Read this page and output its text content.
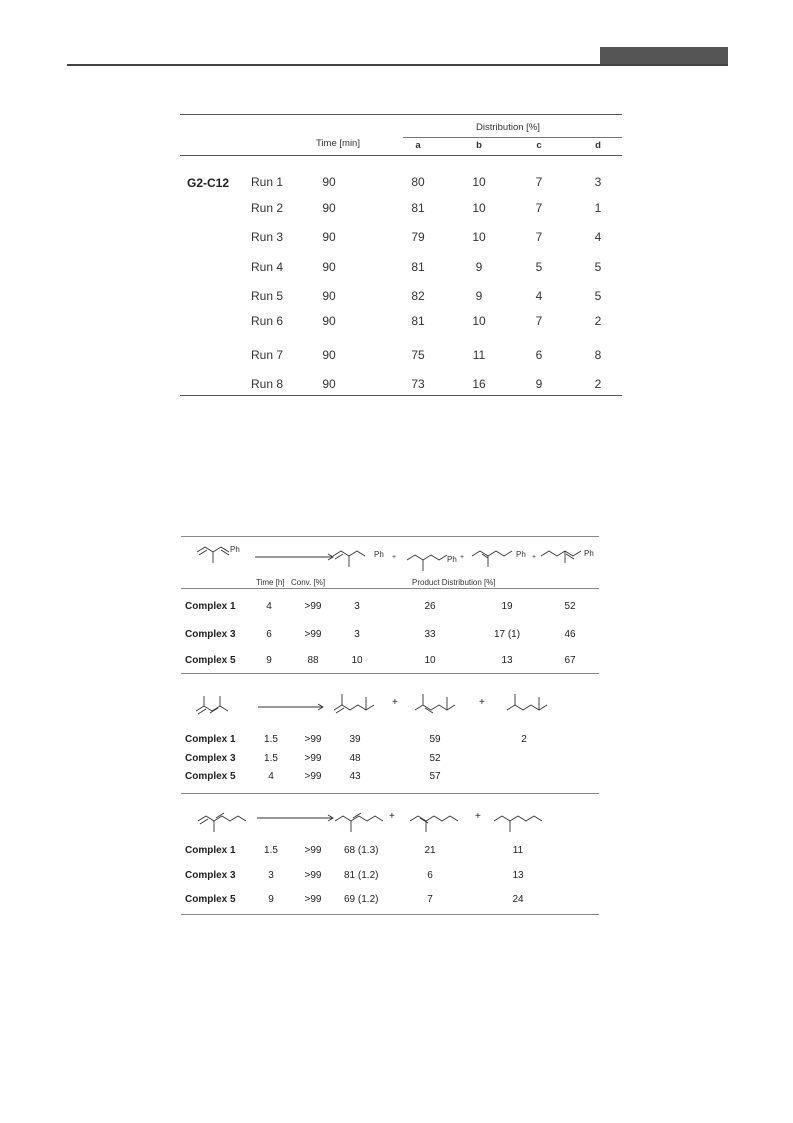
Distribution [%]
Time [min]	a	b	c	d
G2-C12 Run 1	90	80	10	7	3
Run 2	90	81	10	7	1
Run 3	90	79	10	7	4
Run 4	90	81	9	5	5
Run 5	90	82	9	4	5
Run 6	90	81	10	7	2
Run 7	90	75	11	6	8
Run 8	90	73	16	9	2
Ph
Ph +	Ph +	Ph +	Ph
+	+
+	+
Time [h] Conv. [%]	Product Distribution [%]
Complex 1	4	>99	3	26	19	52
Complex 3	6	>99	3	33	17 (1)	46
Complex 5	9	88	10	10	13	67
Complex 1	1.5	>99	39	59	2
Complex 3	1.5	>99	48	52
Complex 5	4	>99	43	57
Complex 1	1.5	>99	68 (1.3)	21	11
Complex 3	3	>99	81 (1.2)	6	13
Complex 5	9	>99	69 (1.2)	7	24
